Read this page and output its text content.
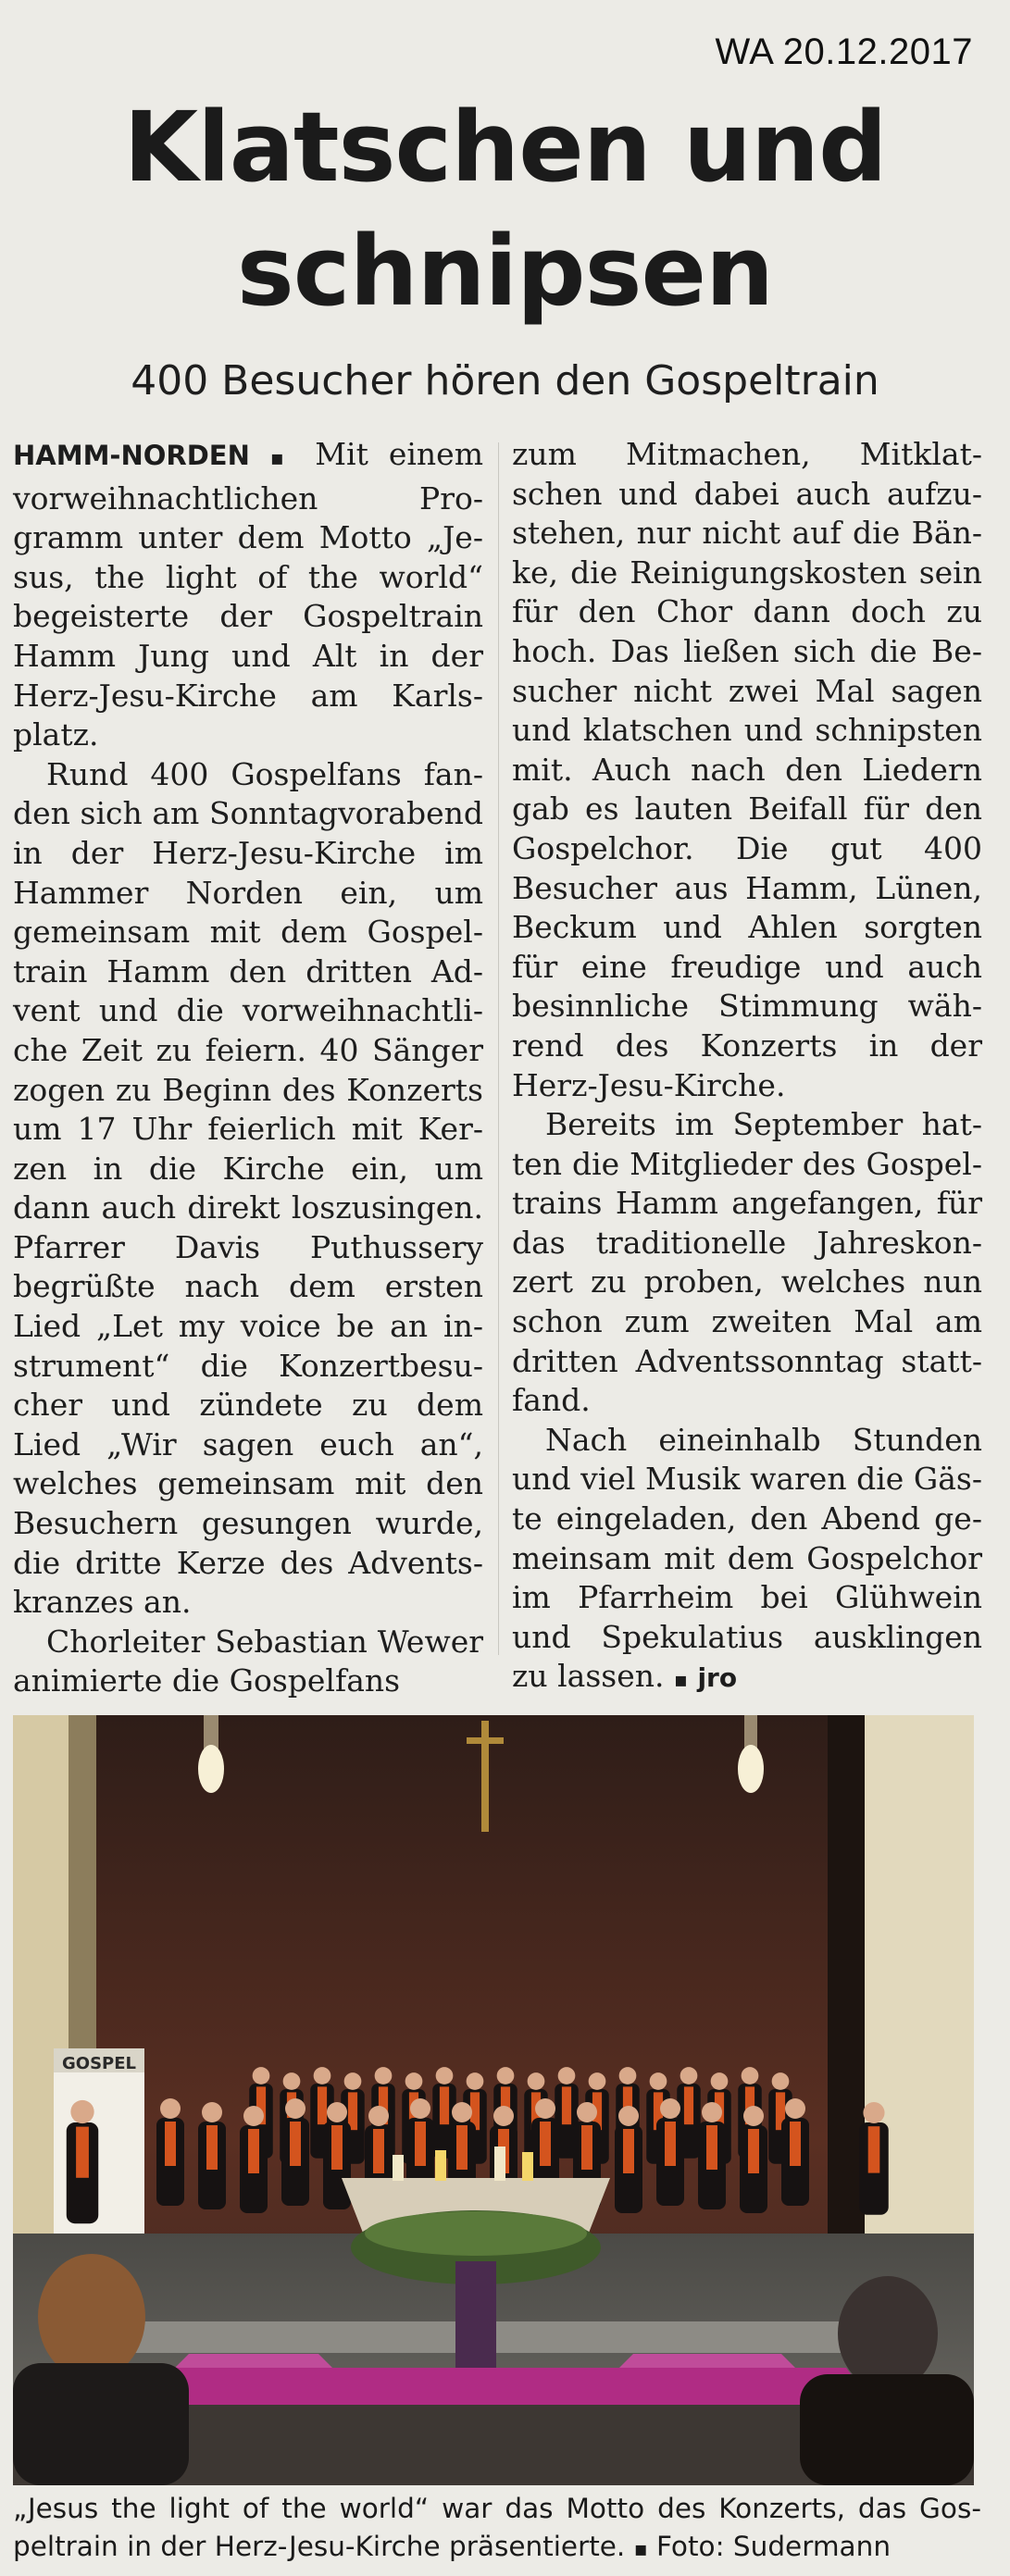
WA 20.12.2017
Klatschen und
schnipsen
400 Besucher hören den Gospeltrain

HAMM-NORDEN ▪ Mit einem vorweihnachtlichen Programm unter dem Motto „Jesus, the light of the world“ begeisterte der Gospeltrain Hamm Jung und Alt in der Herz-Jesu-Kirche am Karlsplatz.

Rund 400 Gospelfans fanden sich am Sonntagvorabend in der Herz-Jesu-Kirche im Hammer Norden ein, um gemeinsam mit dem Gospeltrain Hamm den dritten Advent und die vorweihnachtliche Zeit zu feiern. 40 Sänger zogen zu Beginn des Konzerts um 17 Uhr feierlich mit Kerzen in die Kirche ein, um dann auch direkt loszusingen. Pfarrer Davis Puthussery begrüßte nach dem ersten Lied „Let my voice be an instrument“ die Konzertbesucher und zündete zu dem Lied „Wir sagen euch an“, welches gemeinsam mit den Besuchern gesungen wurde, die dritte Kerze des Adventskranzes an.

Chorleiter Sebastian Wewer animierte die Gospelfans

zum Mitmachen, Mitklatschen und dabei auch aufzustehen, nur nicht auf die Bänke, die Reinigungskosten sein für den Chor dann doch zu hoch. Das ließen sich die Besucher nicht zwei Mal sagen und klatschen und schnipsten mit. Auch nach den Liedern gab es lauten Beifall für den Gospelchor. Die gut 400 Besucher aus Hamm, Lünen, Beckum und Ahlen sorgten für eine freudige und auch besinnliche Stimmung während des Konzerts in der Herz-Jesu-Kirche.

Bereits im September hatten die Mitglieder des Gospeltrains Hamm angefangen, für das traditionelle Jahreskonzert zu proben, welches nun schon zum zweiten Mal am dritten Adventssonntag stattfand.

Nach eineinhalb Stunden und viel Musik waren die Gäste eingeladen, den Abend gemeinsam mit dem Gospelchor im Pfarrheim bei Glühwein und Spekulatius ausklingen zu lassen. ▪ jro

GOSPEL
„Jesus the light of the world“ war das Motto des Konzerts, das Gospeltrain in der Herz-Jesu-Kirche präsentierte. ▪ Foto: Sudermann
